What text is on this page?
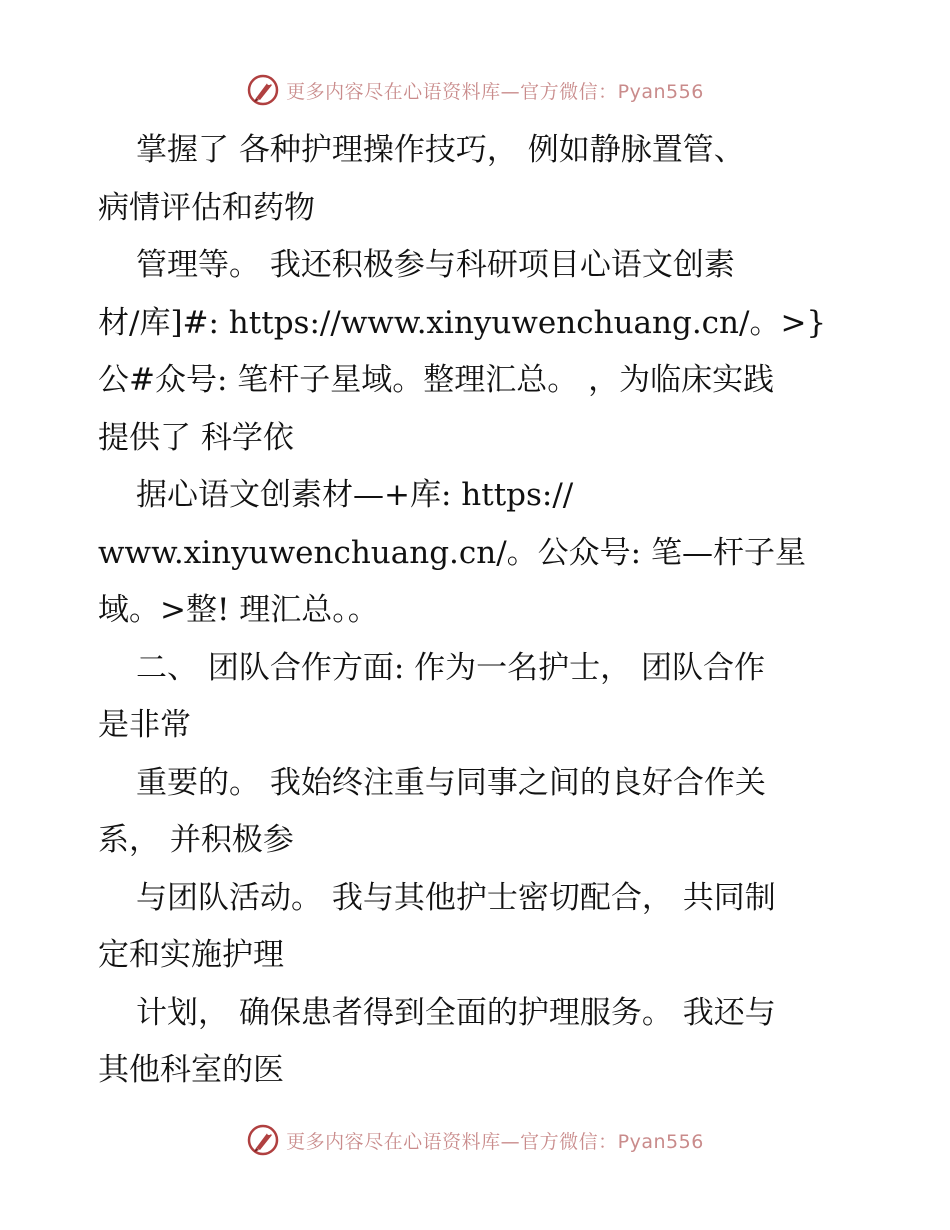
更多内容尽在心语资料库—官方微信：Pyan556
掌握了 各种护理操作技巧， 例如静脉置管、
病情评估和药物
管理等。 我还积极参与科研项目心语文创素
材/库]#: https://www.xinyuwenchuang.cn/。>}
公#众号: 笔杆子星域。整理汇总。 ，为临床实践
提供了 科学依
据心语文创素材—+库: https://
www.xinyuwenchuang.cn/。公众号: 笔—杆子星
域。>整! 理汇总。。
二、 团队合作方面: 作为一名护士， 团队合作
是非常
重要的。 我始终注重与同事之间的良好合作关
系， 并积极参
与团队活动。 我与其他护士密切配合， 共同制
定和实施护理
计划， 确保患者得到全面的护理服务。 我还与
其他科室的医
更多内容尽在心语资料库—官方微信：Pyan556
